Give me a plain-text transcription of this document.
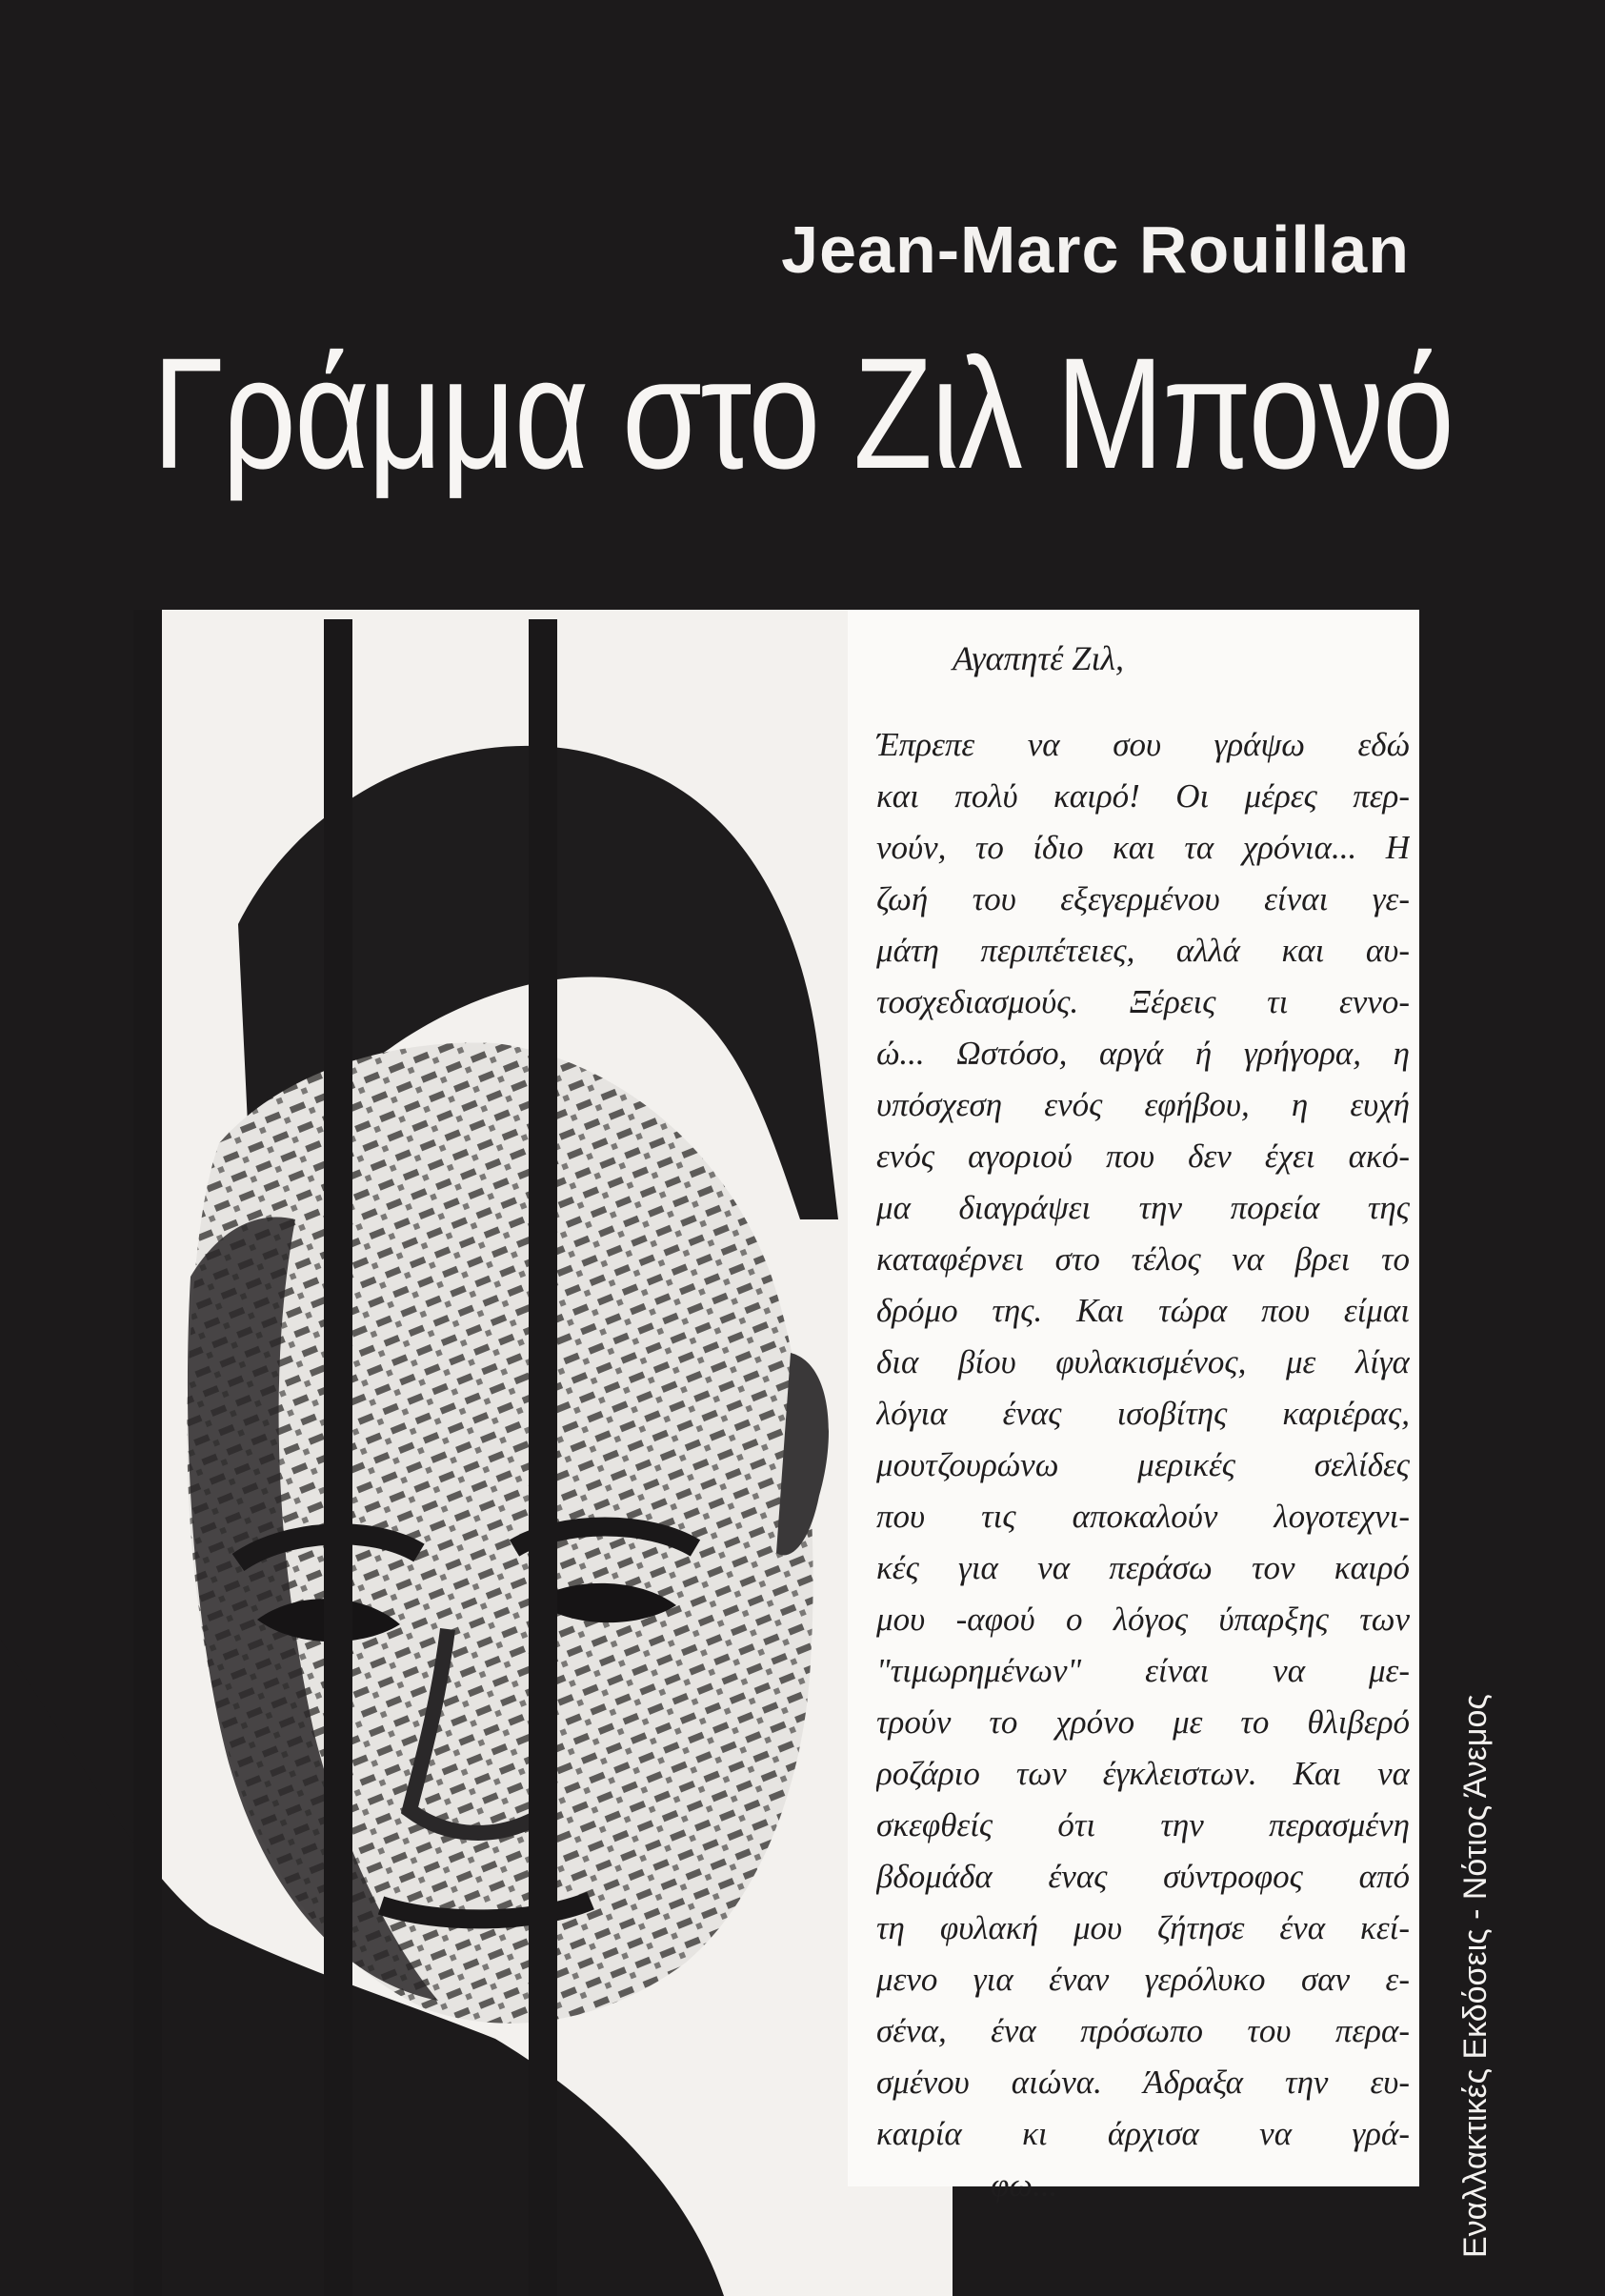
Jean-Marc Rouillan
Γράμμα στο Ζιλ Μπονό
Αγαπητέ Ζιλ,
Έπρεπε να σου γράψω εδώ
και πολύ καιρό! Οι μέρες περ-
νούν, το ίδιο και τα χρόνια... Η
ζωή του εξεγερμένου είναι γε-
μάτη περιπέτειες, αλλά και αυ-
τοσχεδιασμούς. Ξέρεις τι εννο-
ώ... Ωστόσο, αργά ή γρήγορα, η
υπόσχεση ενός εφήβου, η ευχή
ενός αγοριού που δεν έχει ακό-
μα διαγράψει την πορεία της
καταφέρνει στο τέλος να βρει το
δρόμο της. Και τώρα που είμαι
δια βίου φυλακισμένος, με λίγα
λόγια ένας ισοβίτης καριέρας,
μουτζουρώνω μερικές σελίδες
που τις αποκαλούν λογοτεχνι-
κές για να περάσω τον καιρό
μου -αφού ο λόγος ύπαρξης των
"τιμωρημένων" είναι να με-
τρούν το χρόνο με το θλιβερό
ροζάριο των έγκλειστων. Και να
σκεφθείς ότι την περασμένη
βδομάδα ένας σύντροφος από
τη φυλακή μου ζήτησε ένα κεί-
μενο για έναν γερόλυκο σαν ε-
σένα, ένα πρόσωπο του περα-
σμένου αιώνα. Άδραξα την ευ-
καιρία κι άρχισα να γρά-
φω...	Εναλλακτικές Εκδόσεις - Νότιος Άνεμος
